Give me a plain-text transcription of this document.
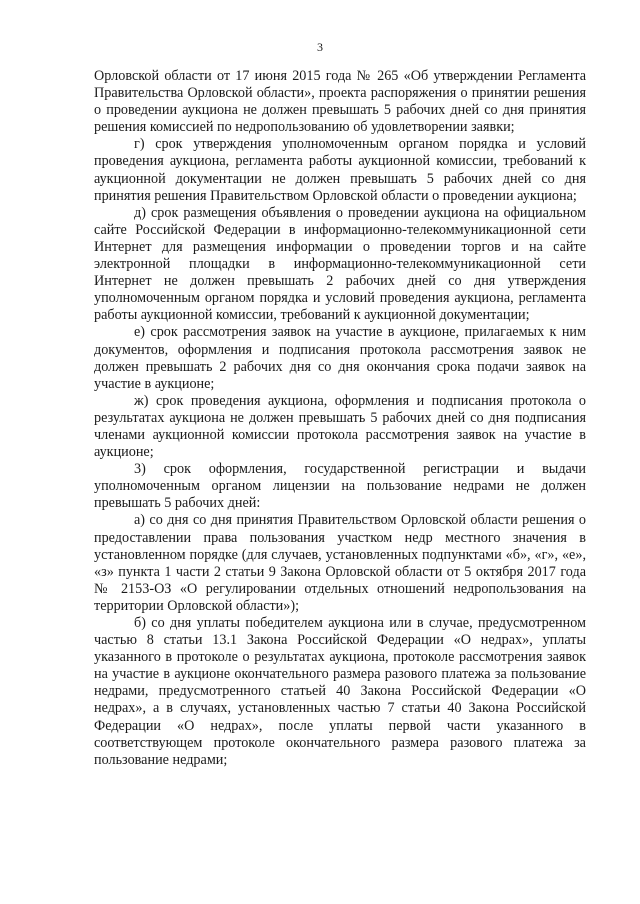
3

Орловской области от 17 июня 2015 года № 265 «Об утверждении Регламента Правительства Орловской области», проекта распоряжения о принятии решения о проведении аукциона не должен превышать 5 рабочих дней со дня принятия решения комиссией по недропользованию об удовлетворении заявки;

г) срок утверждения уполномоченным органом порядка и условий проведения аукциона, регламента работы аукционной комиссии, требований к аукционной документации не должен превышать 5 рабочих дней со дня принятия решения Правительством Орловской области о проведении аукциона;

д) срок размещения объявления о проведении аукциона на официальном сайте Российской Федерации в информационно-телекоммуникационной сети Интернет для размещения информации о проведении торгов и на сайте электронной площадки в информационно-телекоммуникационной сети Интернет не должен превышать 2 рабочих дней со дня утверждения уполномоченным органом порядка и условий проведения аукциона, регламента работы аукционной комиссии, требований к аукционной документации;

е) срок рассмотрения заявок на участие в аукционе, прилагаемых к ним документов, оформления и подписания протокола рассмотрения заявок не должен превышать 2 рабочих дня со дня окончания срока подачи заявок на участие в аукционе;

ж) срок проведения аукциона, оформления и подписания протокола о результатах аукциона не должен превышать 5 рабочих дней со дня подписания членами аукционной комиссии протокола рассмотрения заявок на участие в аукционе;

3) срок оформления, государственной регистрации и выдачи уполномоченным органом лицензии на пользование недрами не должен превышать 5 рабочих дней:

а) со дня со дня принятия Правительством Орловской области решения о предоставлении права пользования участком недр местного значения в установленном порядке (для случаев, установленных подпунктами «б», «г», «е», «з» пункта 1 части 2 статьи 9 Закона Орловской области от 5 октября 2017 года № 2153-ОЗ «О регулировании отдельных отношений недропользования на территории Орловской области»);

б) со дня уплаты победителем аукциона или в случае, предусмотренном частью 8 статьи 13.1 Закона Российской Федерации «О недрах», уплаты указанного в протоколе о результатах аукциона, протоколе рассмотрения заявок на участие в аукционе окончательного размера разового платежа за пользование недрами, предусмотренного статьей 40 Закона Российской Федерации «О недрах», а в случаях, установленных частью 7 статьи 40 Закона Российской Федерации «О недрах», после уплаты первой части указанного в соответствующем протоколе окончательного размера разового платежа за пользование недрами;
